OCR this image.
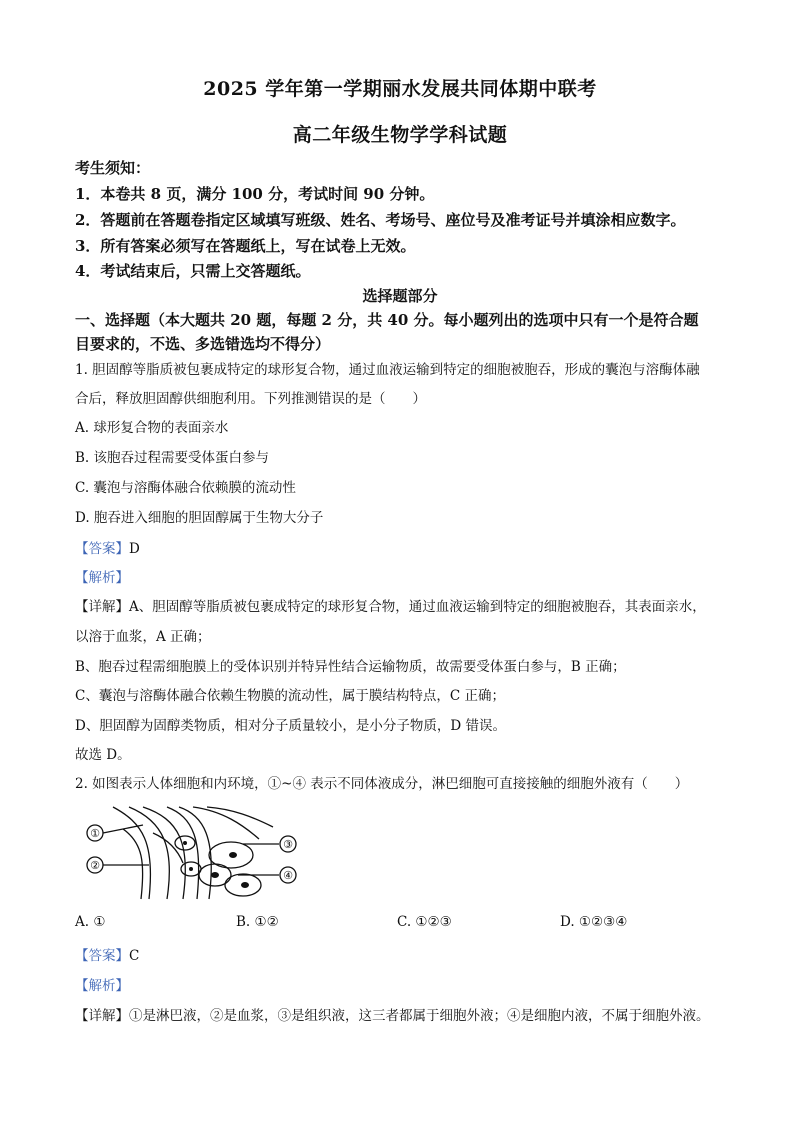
2025 学年第一学期丽水发展共同体期中联考
高二年级生物学学科试题
考生须知：
1．本卷共 8 页，满分 100 分，考试时间 90 分钟。
2．答题前在答题卷指定区域填写班级、姓名、考场号、座位号及准考证号并填涂相应数字。
3．所有答案必须写在答题纸上，写在试卷上无效。
4．考试结束后，只需上交答题纸。
选择题部分
一、选择题（本大题共 20 题，每题 2 分，共 40 分。每小题列出的选项中只有一个是符合题
目要求的，不选、多选错选均不得分）
1. 胆固醇等脂质被包裹成特定的球形复合物，通过血液运输到特定的细胞被胞吞，形成的囊泡与溶酶体融
合后，释放胆固醇供细胞利用。下列推测错误的是（　　）
A. 球形复合物的表面亲水
B. 该胞吞过程需要受体蛋白参与
C. 囊泡与溶酶体融合依赖膜的流动性
D. 胞吞进入细胞的胆固醇属于生物大分子
【答案】D
【解析】
【详解】A、胆固醇等脂质被包裹成特定的球形复合物，通过血液运输到特定的细胞被胞吞，其表面亲水，
以溶于血浆，A 正确；
B、胞吞过程需细胞膜上的受体识别并特异性结合运输物质，故需要受体蛋白参与，B 正确；
C、囊泡与溶酶体融合依赖生物膜的流动性，属于膜结构特点，C 正确；
D、胆固醇为固醇类物质，相对分子质量较小，是小分子物质，D 错误。
故选 D。
2. 如图表示人体细胞和内环境，①~④ 表示不同体液成分，淋巴细胞可直接接触的细胞外液有（　　）
①
②
③
④
A. ①	B. ①②	C. ①②③	D. ①②③④
【答案】C
【解析】
【详解】①是淋巴液，②是血浆，③是组织液，这三者都属于细胞外液；④是细胞内液，不属于细胞外液。
